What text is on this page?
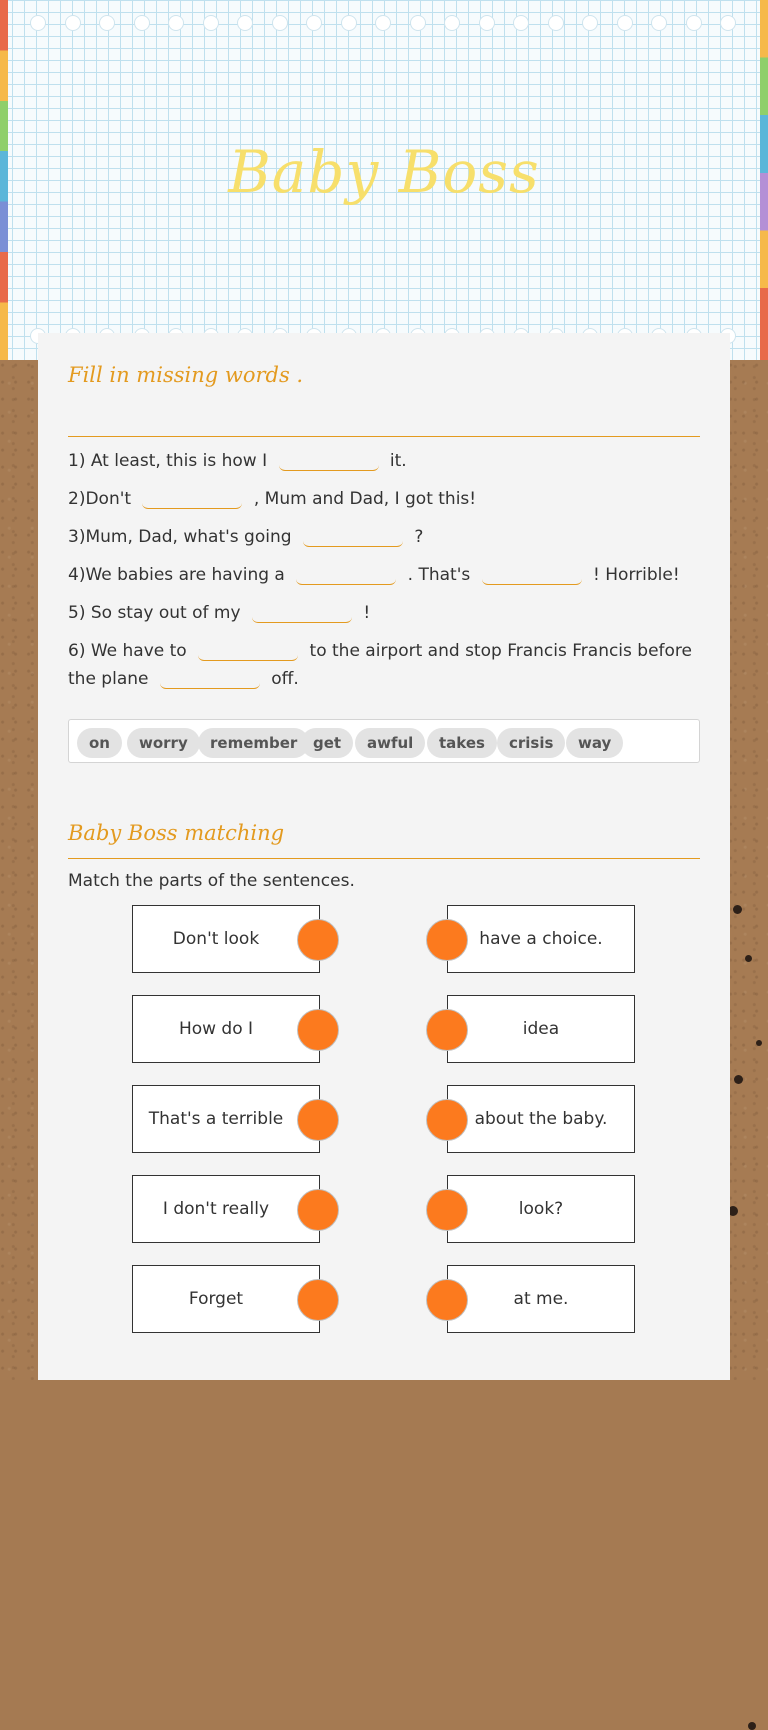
Baby Boss
Fill in missing words .
1) At least, this is how I	it.
2)Don't	, Mum and Dad, I got this!
3)Mum, Dad, what's going	?
4)We babies are having a	. That's	! Horrible!
5) So stay out of my	!
6) We have to	to the airport and stop Francis Francis before
the plane	off.
on	worry	remember	get	awful	takes	crisis	way
Baby Boss matching
Match the parts of the sentences.
Don't look
How do I
That's a terrible
I don't really
Forget
have a choice.
idea
about the baby.
look?
at me.
